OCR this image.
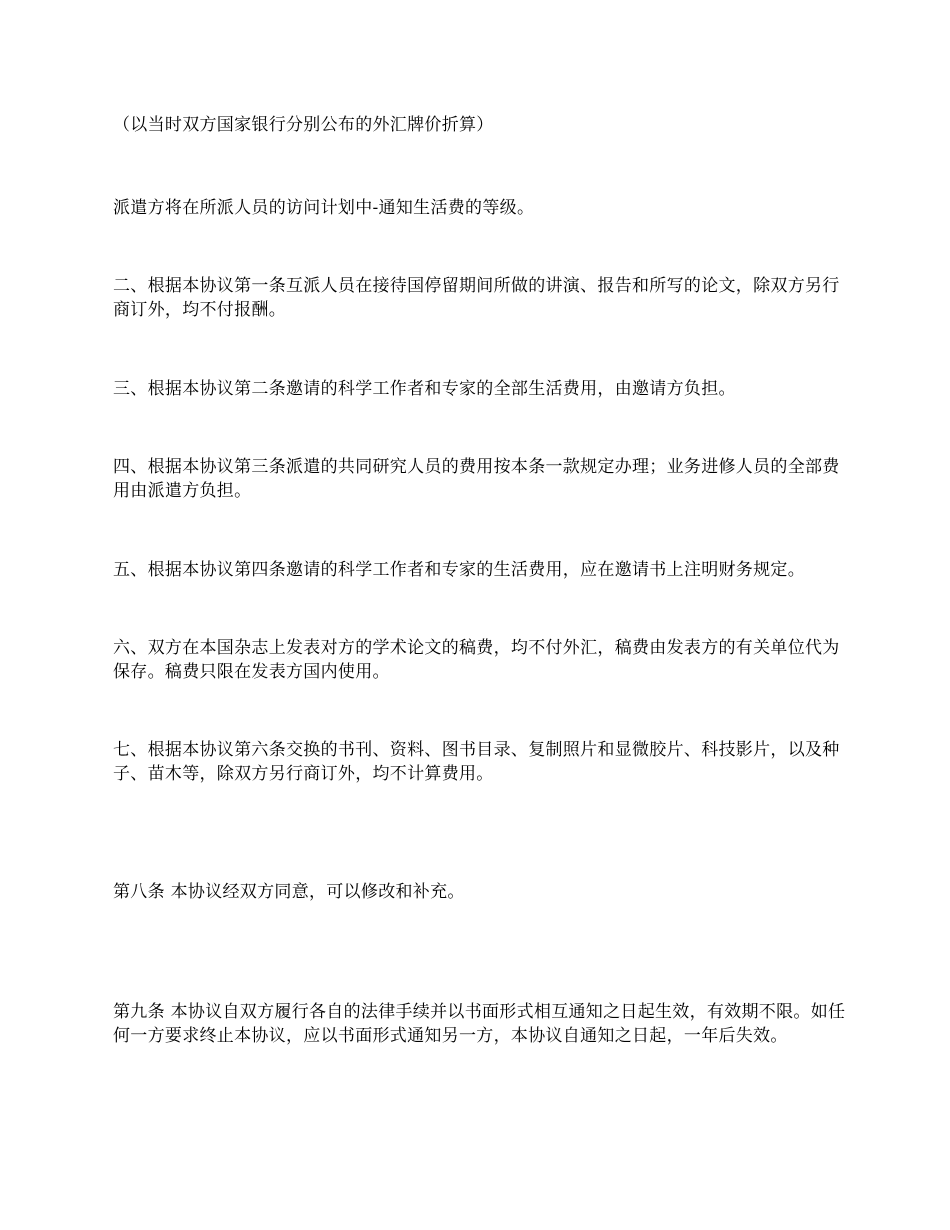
（以当时双方国家银行分别公布的外汇牌价折算）

派遣方将在所派人员的访问计划中-通知生活费的等级。

二、根据本协议第一条互派人员在接待国停留期间所做的讲演、报告和所写的论文，除双方另行商订外，均不付报酬。

三、根据本协议第二条邀请的科学工作者和专家的全部生活费用，由邀请方负担。

四、根据本协议第三条派遣的共同研究人员的费用按本条一款规定办理；业务进修人员的全部费用由派遣方负担。

五、根据本协议第四条邀请的科学工作者和专家的生活费用，应在邀请书上注明财务规定。

六、双方在本国杂志上发表对方的学术论文的稿费，均不付外汇，稿费由发表方的有关单位代为保存。稿费只限在发表方国内使用。

七、根据本协议第六条交换的书刊、资料、图书目录、复制照片和显微胶片、科技影片，以及种子、苗木等，除双方另行商订外，均不计算费用。

第八条 本协议经双方同意，可以修改和补充。

第九条 本协议自双方履行各自的法律手续并以书面形式相互通知之日起生效，有效期不限。如任何一方要求终止本协议，应以书面形式通知另一方，本协议自通知之日起，一年后失效。
